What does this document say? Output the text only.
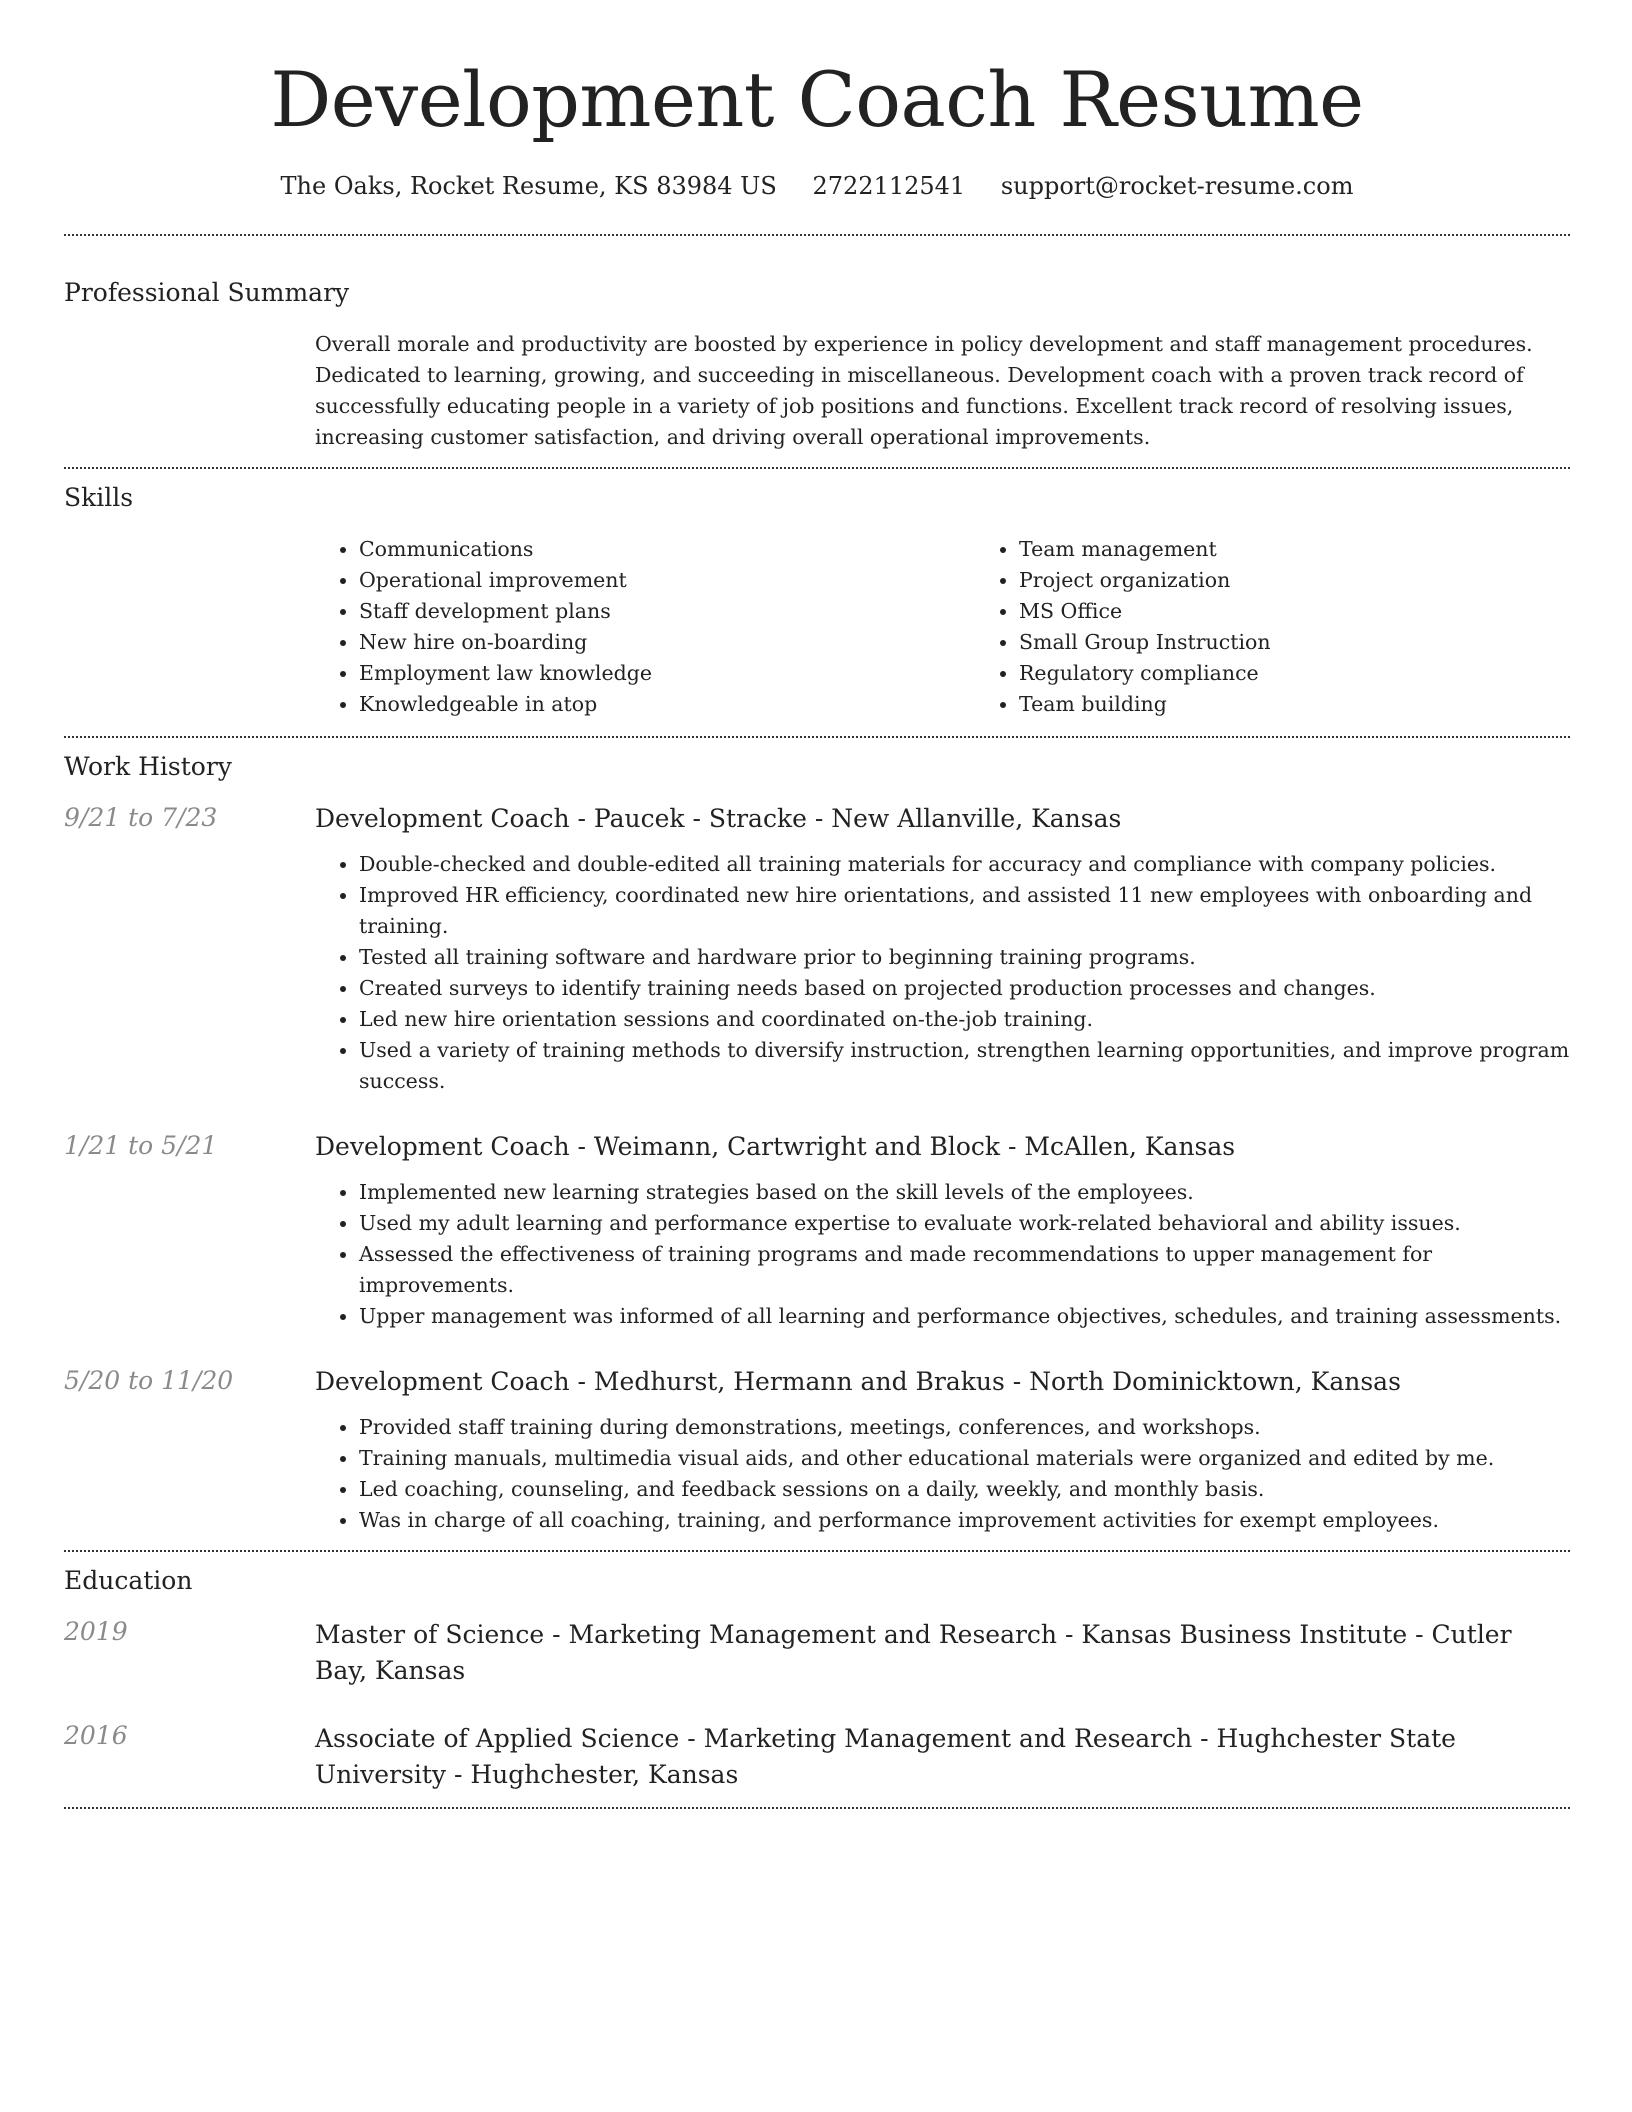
Development Coach Resume
The Oaks, Rocket Resume, KS 83984 US 2722112541 support@rocket-resume.com
Professional Summary
Overall morale and productivity are boosted by experience in policy development and staff management procedures. Dedicated to learning, growing, and succeeding in miscellaneous. Development coach with a proven track record of successfully educating people in a variety of job positions and functions. Excellent track record of resolving issues, increasing customer satisfaction, and driving overall operational improvements.
Skills
• Communications
• Operational improvement
• Staff development plans
• New hire on-boarding
• Employment law knowledge
• Knowledgeable in atop
• Team management
• Project organization
• MS Office
• Small Group Instruction
• Regulatory compliance
• Team building
Work History
9/21 to 7/23	Development Coach - Paucek - Stracke - New Allanville, Kansas
• Double-checked and double-edited all training materials for accuracy and compliance with company policies.
• Improved HR efficiency, coordinated new hire orientations, and assisted 11 new employees with onboarding and training.
• Tested all training software and hardware prior to beginning training programs.
• Created surveys to identify training needs based on projected production processes and changes.
• Led new hire orientation sessions and coordinated on-the-job training.
• Used a variety of training methods to diversify instruction, strengthen learning opportunities, and improve program success.
1/21 to 5/21	Development Coach - Weimann, Cartwright and Block - McAllen, Kansas
• Implemented new learning strategies based on the skill levels of the employees.
• Used my adult learning and performance expertise to evaluate work-related behavioral and ability issues.
• Assessed the effectiveness of training programs and made recommendations to upper management for improvements.
• Upper management was informed of all learning and performance objectives, schedules, and training assessments.
5/20 to 11/20	Development Coach - Medhurst, Hermann and Brakus - North Dominicktown, Kansas
• Provided staff training during demonstrations, meetings, conferences, and workshops.
• Training manuals, multimedia visual aids, and other educational materials were organized and edited by me.
• Led coaching, counseling, and feedback sessions on a daily, weekly, and monthly basis.
• Was in charge of all coaching, training, and performance improvement activities for exempt employees.
Education
2019	Master of Science - Marketing Management and Research - Kansas Business Institute - Cutler Bay, Kansas
2016	Associate of Applied Science - Marketing Management and Research - Hughchester State University - Hughchester, Kansas
